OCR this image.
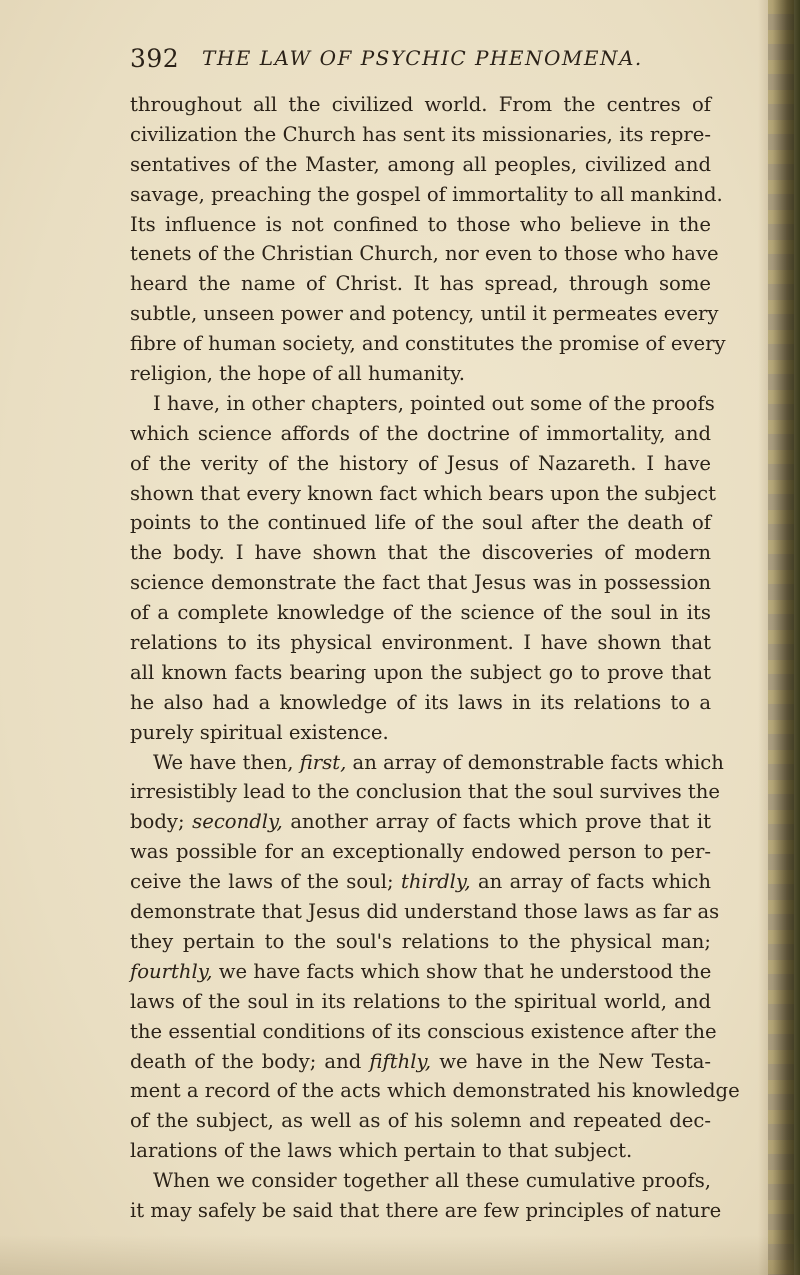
392 THE LAW OF PSYCHIC PHENOMENA.
throughout all the civilized world. From the centres of
civilization the Church has sent its missionaries, its repre-
sentatives of the Master, among all peoples, civilized and
savage, preaching the gospel of immortality to all mankind.
Its influence is not confined to those who believe in the
tenets of the Christian Church, nor even to those who have
heard the name of Christ. It has spread, through some
subtle, unseen power and potency, until it permeates every
fibre of human society, and constitutes the promise of every
religion, the hope of all humanity.
I have, in other chapters, pointed out some of the proofs
which science affords of the doctrine of immortality, and
of the verity of the history of Jesus of Nazareth. I have
shown that every known fact which bears upon the subject
points to the continued life of the soul after the death of
the body. I have shown that the discoveries of modern
science demonstrate the fact that Jesus was in possession
of a complete knowledge of the science of the soul in its
relations to its physical environment. I have shown that
all known facts bearing upon the subject go to prove that
he also had a knowledge of its laws in its relations to a
purely spiritual existence.
We have then, first, an array of demonstrable facts which
irresistibly lead to the conclusion that the soul survives the
body; secondly, another array of facts which prove that it
was possible for an exceptionally endowed person to per-
ceive the laws of the soul; thirdly, an array of facts which
demonstrate that Jesus did understand those laws as far as
they pertain to the soul's relations to the physical man;
fourthly, we have facts which show that he understood the
laws of the soul in its relations to the spiritual world, and
the essential conditions of its conscious existence after the
death of the body; and fifthly, we have in the New Testa-
ment a record of the acts which demonstrated his knowledge
of the subject, as well as of his solemn and repeated dec-
larations of the laws which pertain to that subject.
When we consider together all these cumulative proofs,
it may safely be said that there are few principles of nature
